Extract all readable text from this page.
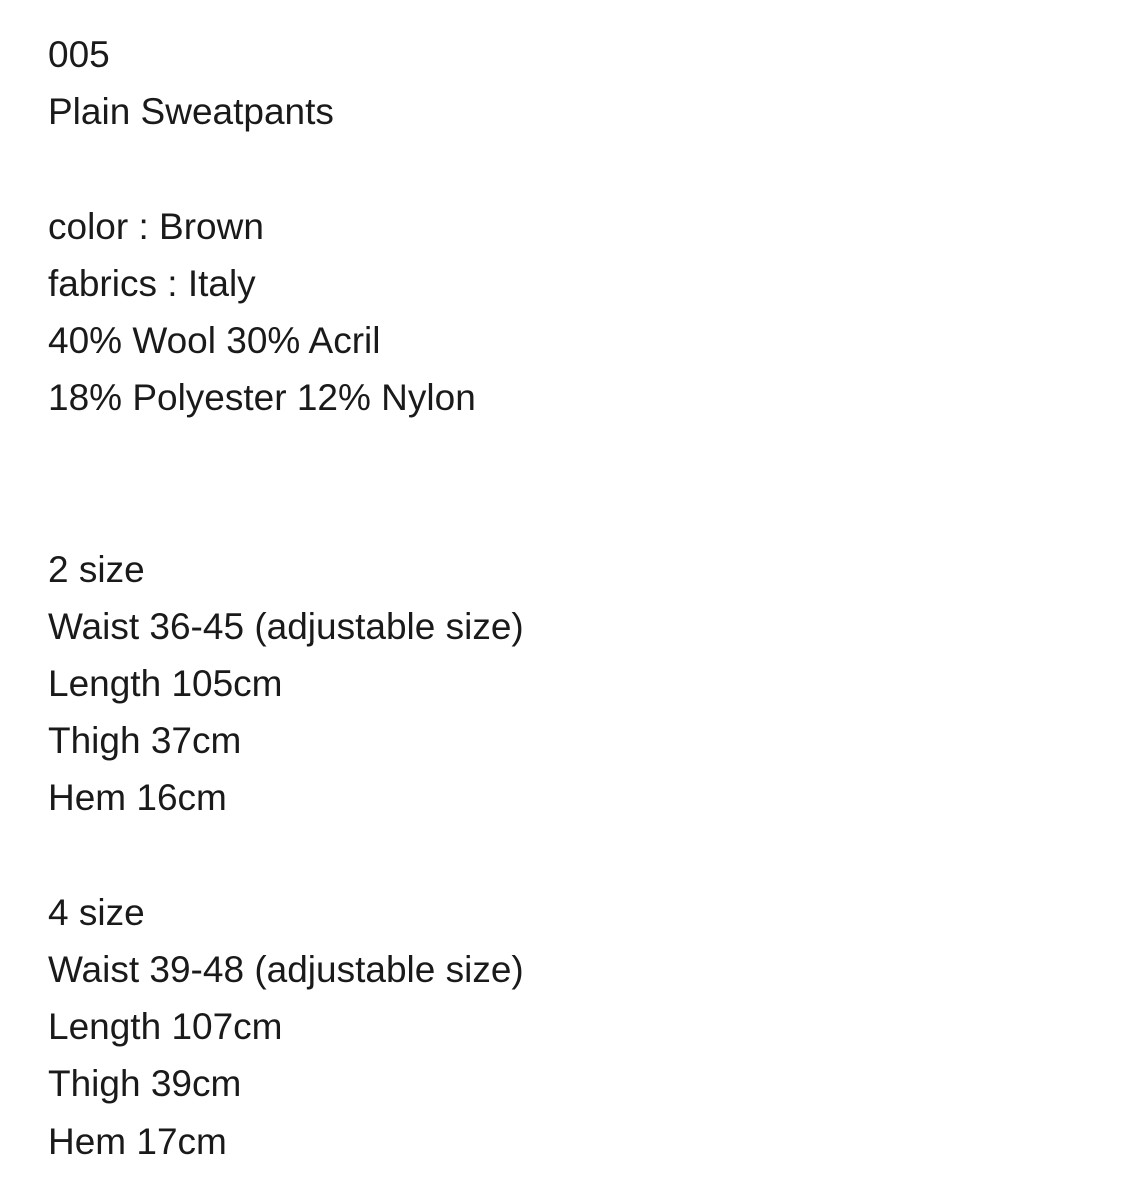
005
Plain Sweatpants
color : Brown
fabrics : Italy
40% Wool 30% Acril
18% Polyester 12% Nylon
2 size
Waist 36-45 (adjustable size)
Length 105cm
Thigh 37cm
Hem 16cm
4 size
Waist 39-48 (adjustable size)
Length 107cm
Thigh 39cm
Hem 17cm
